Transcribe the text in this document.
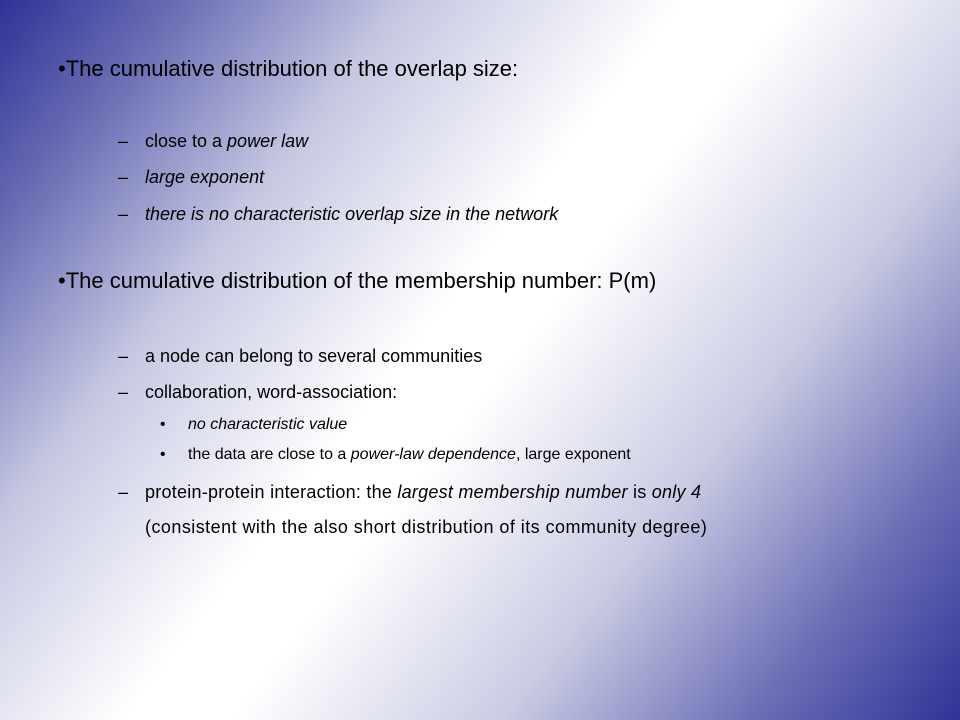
•The cumulative distribution of the overlap size:
– close to a power law
– large exponent
– there is no characteristic overlap size in the network
•The cumulative distribution of the membership number: P(m)
– a node can belong to several communities
– collaboration, word-association:
• no characteristic value
• the data are close to a power-law dependence, large exponent
– protein-protein interaction: the largest membership number is only 4
(consistent with the also short distribution of its community degree)
